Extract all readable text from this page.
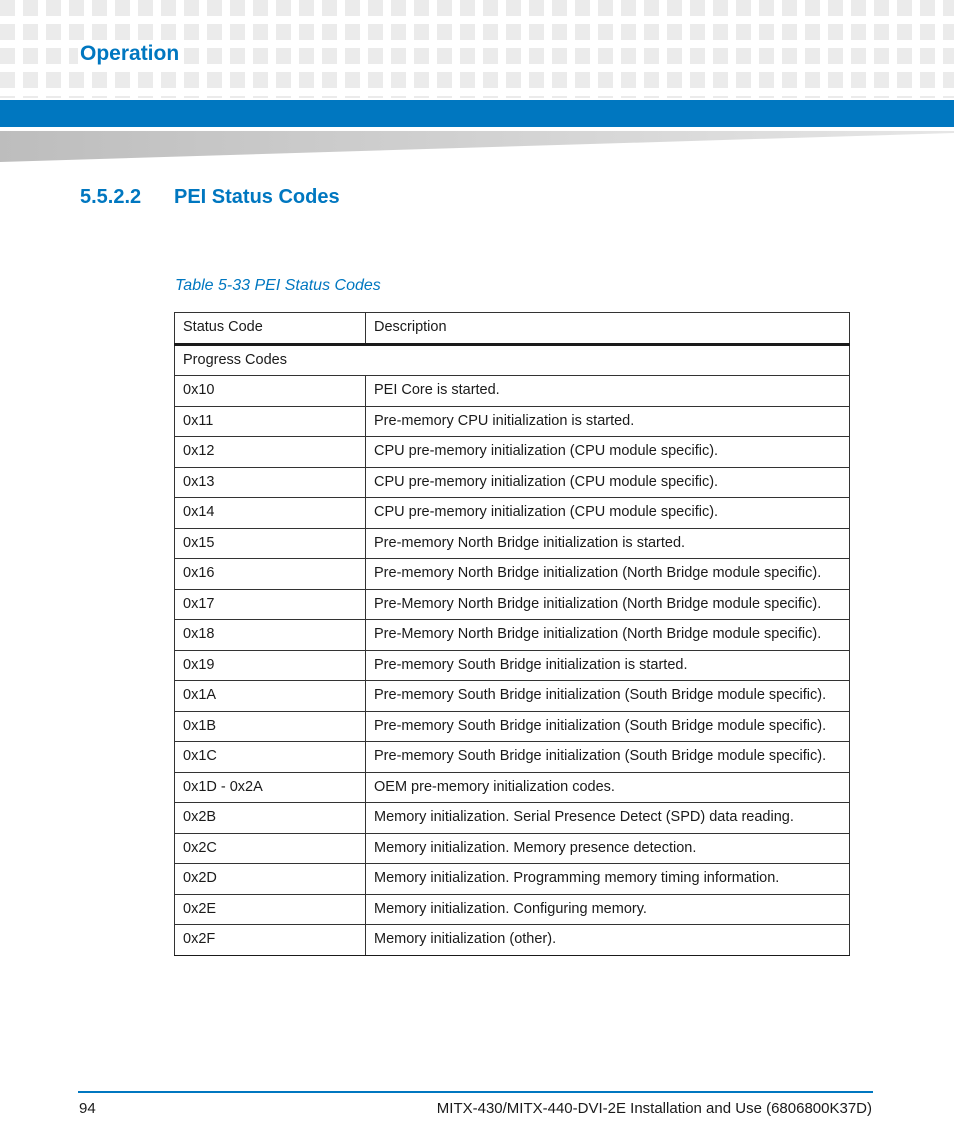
Operation
5.5.2.2 PEI Status Codes
Table 5-33 PEI Status Codes
Status Code	Description
Progress Codes	
0x10	PEI Core is started.
0x11	Pre-memory CPU initialization is started.
0x12	CPU pre-memory initialization (CPU module specific).
0x13	CPU pre-memory initialization (CPU module specific).
0x14	CPU pre-memory initialization (CPU module specific).
0x15	Pre-memory North Bridge initialization is started.
0x16	Pre-memory North Bridge initialization (North Bridge module specific).
0x17	Pre-Memory North Bridge initialization (North Bridge module specific).
0x18	Pre-Memory North Bridge initialization (North Bridge module specific).
0x19	Pre-memory South Bridge initialization is started.
0x1A	Pre-memory South Bridge initialization (South Bridge module specific).
0x1B	Pre-memory South Bridge initialization (South Bridge module specific).
0x1C	Pre-memory South Bridge initialization (South Bridge module specific).
0x1D - 0x2A	OEM pre-memory initialization codes.
0x2B	Memory initialization. Serial Presence Detect (SPD) data reading.
0x2C	Memory initialization. Memory presence detection.
0x2D	Memory initialization. Programming memory timing information.
0x2E	Memory initialization. Configuring memory.
0x2F	Memory initialization (other).
94	MITX-430/MITX-440-DVI-2E Installation and Use (6806800K37D)
